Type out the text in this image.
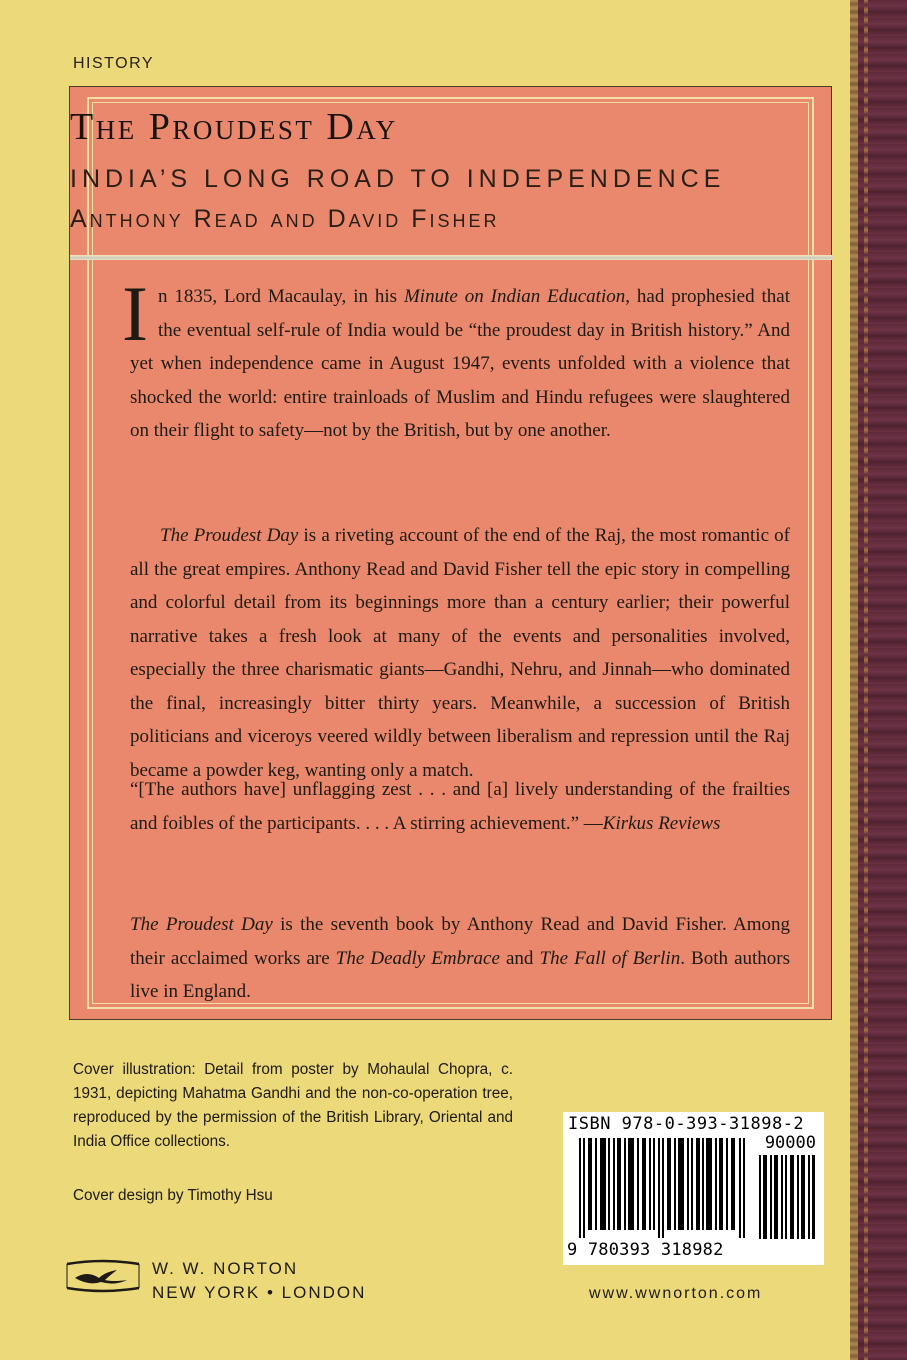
HISTORY
The Proudest Day
INDIA’S LONG ROAD TO INDEPENDENCE
Anthony Read and David Fisher

In 1835, Lord Macaulay, in his Minute on Indian Education, had prophesied that the eventual self-rule of India would be “the proudest day in British history.” And yet when independence came in August 1947, events unfolded with a violence that shocked the world: entire trainloads of Muslim and Hindu refugees were slaughtered on their flight to safety—not by the British, but by one another.

The Proudest Day is a riveting account of the end of the Raj, the most romantic of all the great empires. Anthony Read and David Fisher tell the epic story in compelling and colorful detail from its beginnings more than a century earlier; their powerful narrative takes a fresh look at many of the events and personalities involved, especially the three charismatic giants—Gandhi, Nehru, and Jinnah—who dominated the final, increasingly bitter thirty years. Meanwhile, a succession of British politicians and viceroys veered wildly between liberalism and repression until the Raj became a powder keg, wanting only a match.

“[The authors have] unflagging zest . . . and [a] lively understanding of the frailties and foibles of the participants. . . . A stirring achievement.” —Kirkus Reviews

The Proudest Day is the seventh book by Anthony Read and David Fisher. Among their acclaimed works are The Deadly Embrace and The Fall of Berlin. Both authors live in England.

Cover illustration: Detail from poster by Mohaulal Chopra, c. 1931, depicting Mahatma Gandhi and the non-co-operation tree, reproduced by the permission of the British Library, Oriental and India Office collections.
Cover design by Timothy Hsu
W. W. NORTON
NEW YORK • LONDON
ISBN 978-0-393-31898-2
90000
9 780393 318982
www.wwnorton.com
